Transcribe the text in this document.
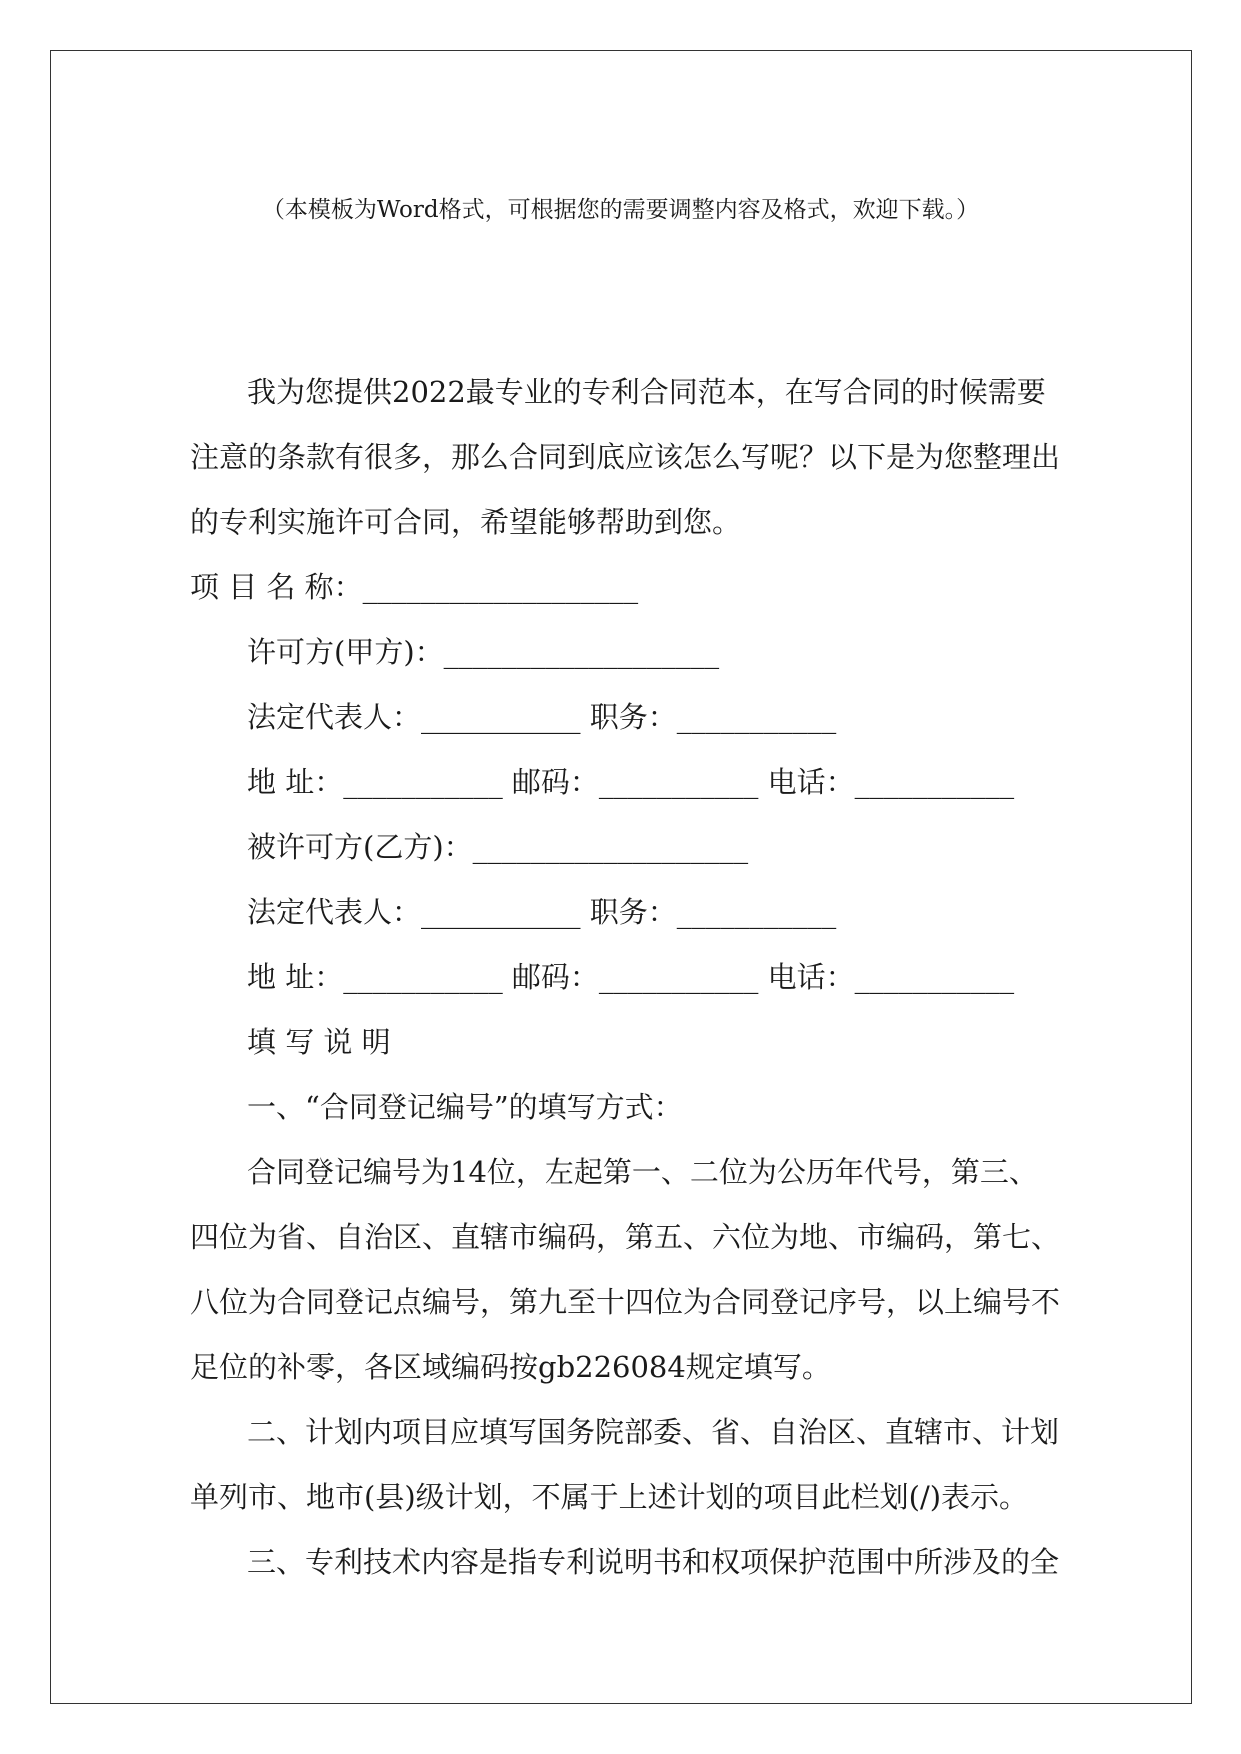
（本模板为Word格式，可根据您的需要调整内容及格式，欢迎下载。）
我为您提供2022最专业的专利合同范本，在写合同的时候需要
注意的条款有很多，那么合同到底应该怎么写呢？以下是为您整理出
的专利实施许可合同，希望能够帮助到您。
项 目 名 称：___________________
许可方(甲方)：___________________
法定代表人：___________ 职务：___________
地 址：___________ 邮码：___________ 电话：___________
被许可方(乙方)：___________________
法定代表人：___________ 职务：___________
地 址：___________ 邮码：___________ 电话：___________
填 写 说 明
一、“合同登记编号”的填写方式：
合同登记编号为14位，左起第一、二位为公历年代号，第三、
四位为省、自治区、直辖市编码，第五、六位为地、市编码，第七、
八位为合同登记点编号，第九至十四位为合同登记序号，以上编号不
足位的补零，各区域编码按gb226084规定填写。
二、计划内项目应填写国务院部委、省、自治区、直辖市、计划
单列市、地市(县)级计划，不属于上述计划的项目此栏划(/)表示。
三、专利技术内容是指专利说明书和权项保护范围中所涉及的全
